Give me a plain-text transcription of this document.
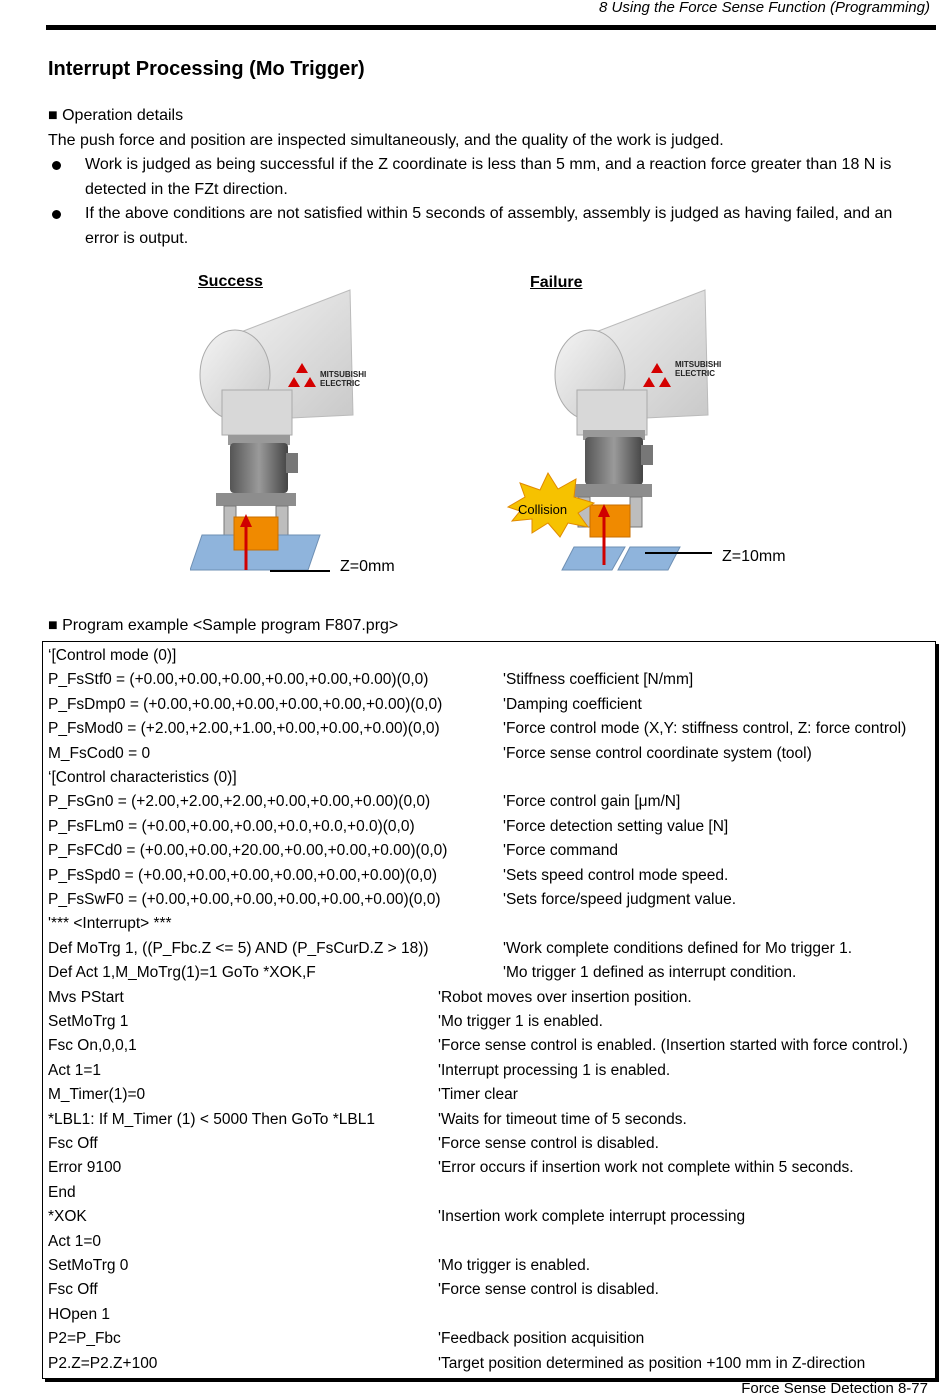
8 Using the Force Sense Function (Programming)
Interrupt Processing (Mo Trigger)
■ Operation details
The push force and position are inspected simultaneously, and the quality of the work is judged.
Work is judged as being successful if the Z coordinate is less than 5 mm, and a reaction force greater than 18 N is detected in the FZt direction.
If the above conditions are not satisfied within 5 seconds of assembly, assembly is judged as having failed, and an error is output.
Success	Failure
MITSUBISHI
ELECTRIC
MITSUBISHI
ELECTRIC
Collision
Z=0mm
Z=10mm
■ Program example <Sample program F807.prg>
‘[Control mode (0)]
P_FsStf0 = (+0.00,+0.00,+0.00,+0.00,+0.00,+0.00)(0,0)	'Stiffness coefficient [N/mm]
P_FsDmp0 = (+0.00,+0.00,+0.00,+0.00,+0.00,+0.00)(0,0)	'Damping coefficient
P_FsMod0 = (+2.00,+2.00,+1.00,+0.00,+0.00,+0.00)(0,0)	'Force control mode (X,Y: stiffness control, Z: force control)
M_FsCod0 = 0	'Force sense control coordinate system (tool)
‘[Control characteristics (0)]
P_FsGn0 = (+2.00,+2.00,+2.00,+0.00,+0.00,+0.00)(0,0)	'Force control gain [μm/N]
P_FsFLm0 = (+0.00,+0.00,+0.00,+0.0,+0.0,+0.0)(0,0)	'Force detection setting value [N]
P_FsFCd0 = (+0.00,+0.00,+20.00,+0.00,+0.00,+0.00)(0,0)	'Force command
P_FsSpd0 = (+0.00,+0.00,+0.00,+0.00,+0.00,+0.00)(0,0)	'Sets speed control mode speed.
P_FsSwF0 = (+0.00,+0.00,+0.00,+0.00,+0.00,+0.00)(0,0)	'Sets force/speed judgment value.
'*** <Interrupt> ***
Def MoTrg 1, ((P_Fbc.Z <= 5) AND (P_FsCurD.Z > 18))	'Work complete conditions defined for Mo trigger 1.
Def Act 1,M_MoTrg(1)=1 GoTo *XOK,F	'Mo trigger 1 defined as interrupt condition.
Mvs PStart	'Robot moves over insertion position.
SetMoTrg 1	'Mo trigger 1 is enabled.
Fsc On,0,0,1	'Force sense control is enabled. (Insertion started with force control.)
Act 1=1	'Interrupt processing 1 is enabled.
M_Timer(1)=0	'Timer clear
*LBL1: If M_Timer (1) < 5000 Then GoTo *LBL1	'Waits for timeout time of 5 seconds.
Fsc Off	'Force sense control is disabled.
Error 9100	'Error occurs if insertion work not complete within 5 seconds.
End
*XOK	'Insertion work complete interrupt processing
Act 1=0
SetMoTrg 0	'Mo trigger is enabled.
Fsc Off	'Force sense control is disabled.
HOpen 1
P2=P_Fbc	'Feedback position acquisition
P2.Z=P2.Z+100	'Target position determined as position +100 mm in Z-direction
Force Sense Detection 8-77
